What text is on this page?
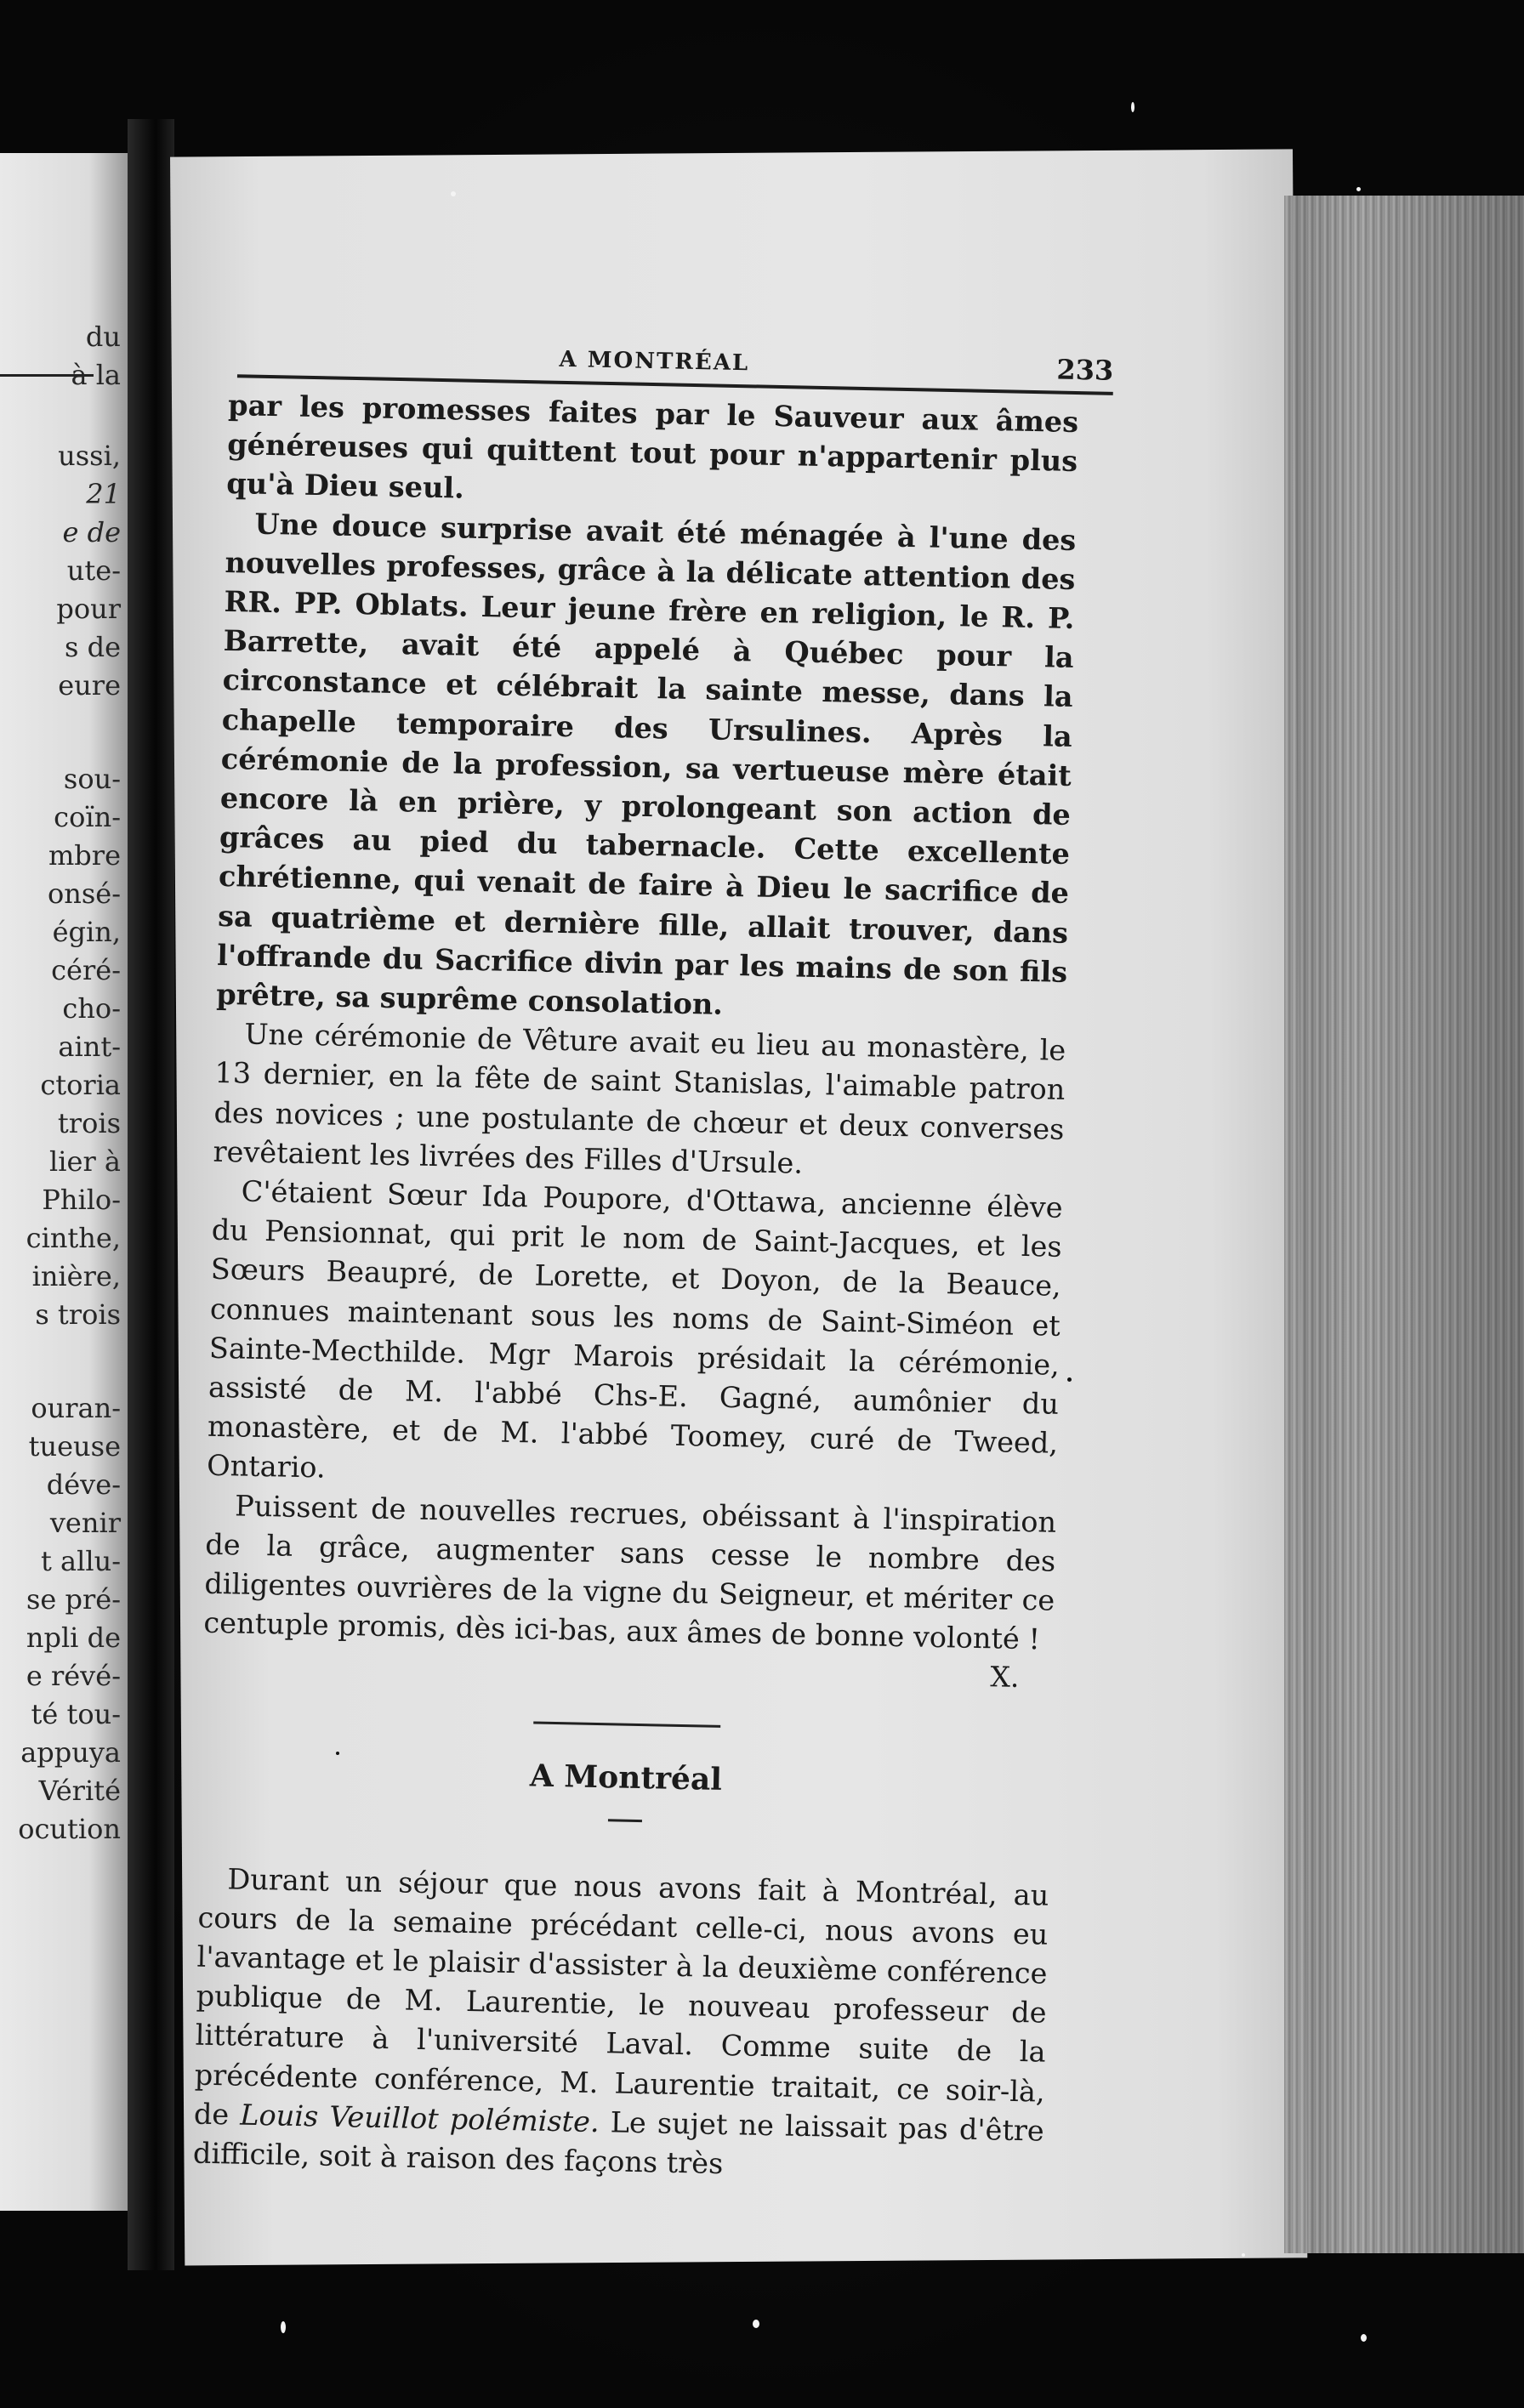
du
à la
ussi,
21
e de
ute-
pour
s de
eure
sou-
coïn-
mbre
onsé-
égin,
céré-
cho-
aint-
ctoria
trois
lier à
Philo-
cinthe,
inière,
s trois
ouran-
tueuse
déve-
venir
t allu-
se pré-
npli de
e révé-
té tou-
appuya
Vérité
ocution
A MONTRÉAL	233

par les promesses faites par le Sauveur aux âmes généreuses qui quittent tout pour n'appartenir plus qu'à Dieu seul.

Une douce surprise avait été ménagée à l'une des nouvelles professes, grâce à la délicate attention des RR. PP. Oblats. Leur jeune frère en religion, le R. P. Barrette, avait été appelé à Québec pour la circonstance et célébrait la sainte messe, dans la chapelle temporaire des Ursulines. Après la cérémonie de la profession, sa vertueuse mère était encore là en prière, y prolongeant son action de grâces au pied du tabernacle. Cette excellente chrétienne, qui venait de faire à Dieu le sacrifice de sa quatrième et dernière fille, allait trouver, dans l'offrande du Sacrifice divin par les mains de son fils prêtre, sa suprême consolation.

Une cérémonie de Vêture avait eu lieu au monastère, le 13 dernier, en la fête de saint Stanislas, l'aimable patron des novices ; une postulante de chœur et deux converses revêtaient les livrées des Filles d'Ursule.

C'étaient Sœur Ida Poupore, d'Ottawa, ancienne élève du Pensionnat, qui prit le nom de Saint-Jacques, et les Sœurs Beaupré, de Lorette, et Doyon, de la Beauce, connues maintenant sous les noms de Saint-Siméon et Sainte-Mecthilde. Mgr Marois présidait la cérémonie, assisté de M. l'abbé Chs-E. Gagné, aumônier du monastère, et de M. l'abbé Toomey, curé de Tweed, Ontario.

Puissent de nouvelles recrues, obéissant à l'inspiration de la grâce, augmenter sans cesse le nombre des diligentes ouvrières de la vigne du Seigneur, et mériter ce centuple promis, dès ici-bas, aux âmes de bonne volonté !

X.
A Montréal

Durant un séjour que nous avons fait à Montréal, au cours de la semaine précédant celle-ci, nous avons eu l'avantage et le plaisir d'assister à la deuxième conférence publique de M. Laurentie, le nouveau professeur de littérature à l'université Laval. Comme suite de la précédente conférence, M. Laurentie traitait, ce soir-là, de Louis Veuillot polémiste. Le sujet ne laissait pas d'être difficile, soit à raison des façons très
